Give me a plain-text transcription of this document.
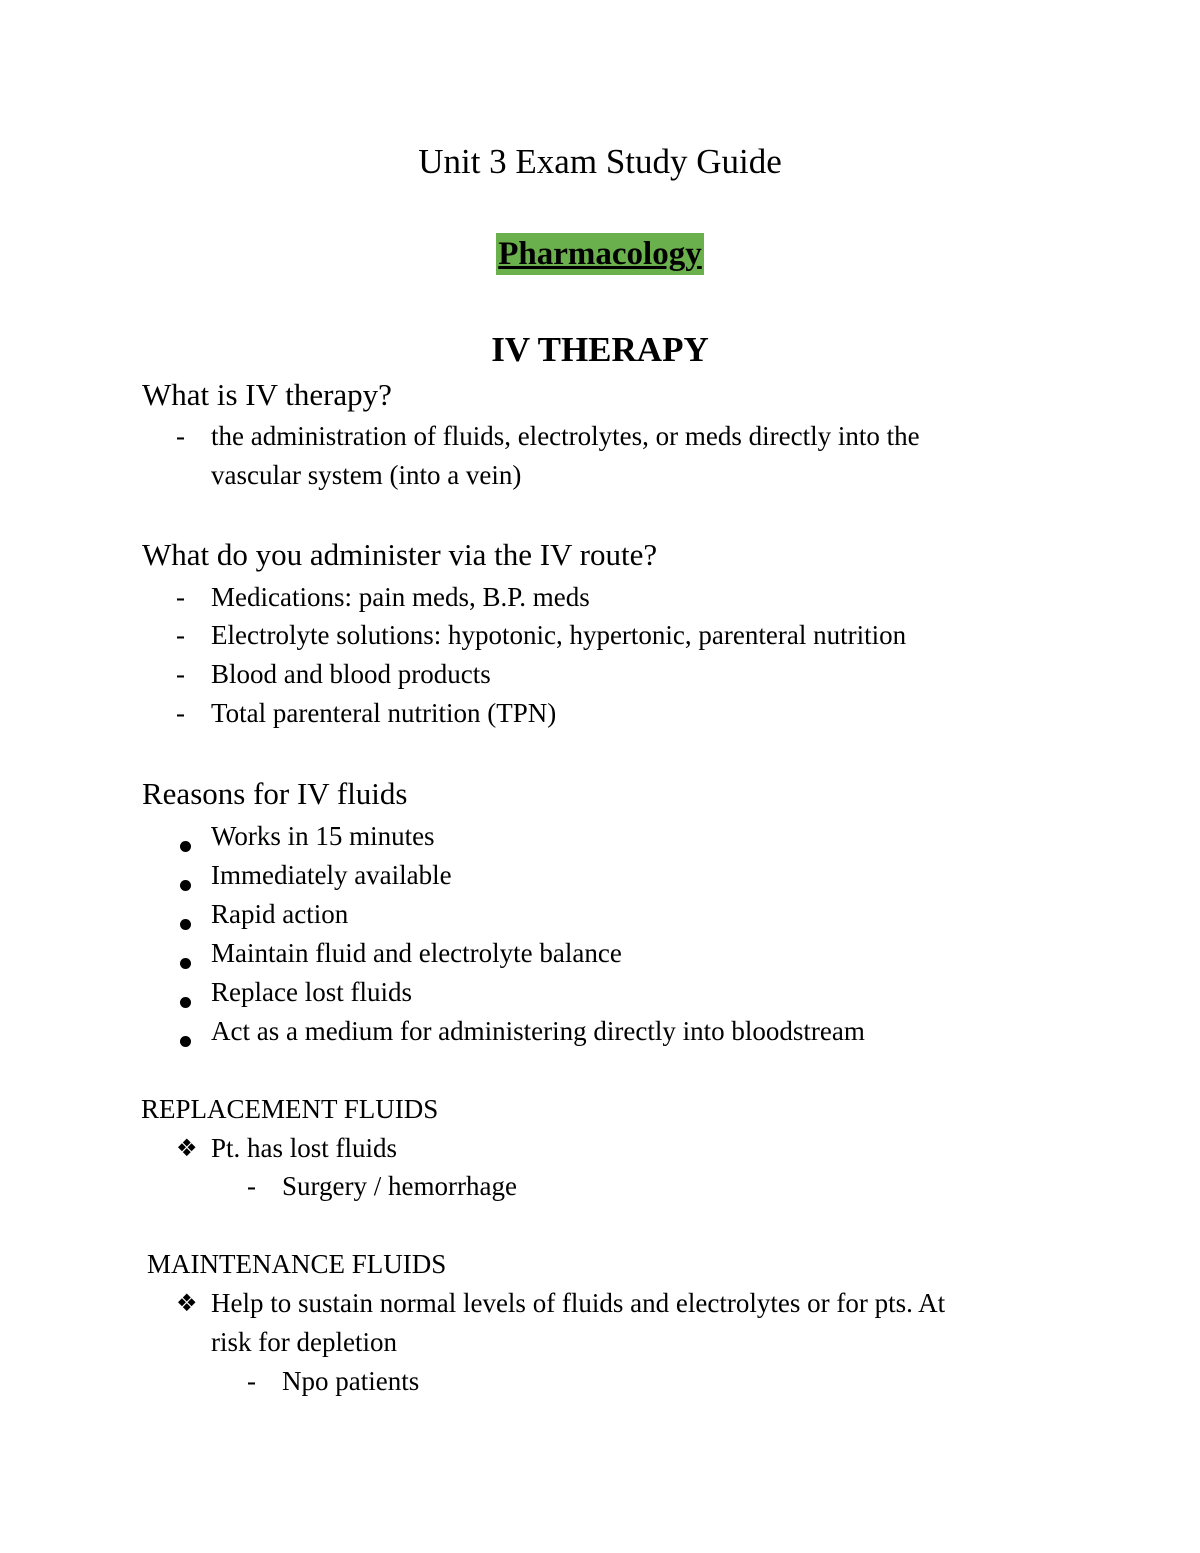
Unit 3 Exam Study Guide
Pharmacology
IV THERAPY
What is IV therapy?
- the administration of fluids, electrolytes, or meds directly into the
vascular system (into a vein)
What do you administer via the IV route?
- Medications: pain meds, B.P. meds
- Electrolyte solutions: hypotonic, hypertonic, parenteral nutrition
- Blood and blood products
- Total parenteral nutrition (TPN)
Reasons for IV fluids
Works in 15 minutes
Immediately available
Rapid action
Maintain fluid and electrolyte balance
Replace lost fluids
Act as a medium for administering directly into bloodstream
REPLACEMENT FLUIDS
❖ Pt. has lost fluids
- Surgery / hemorrhage
MAINTENANCE FLUIDS
❖ Help to sustain normal levels of fluids and electrolytes or for pts. At
risk for depletion
- Npo patients
